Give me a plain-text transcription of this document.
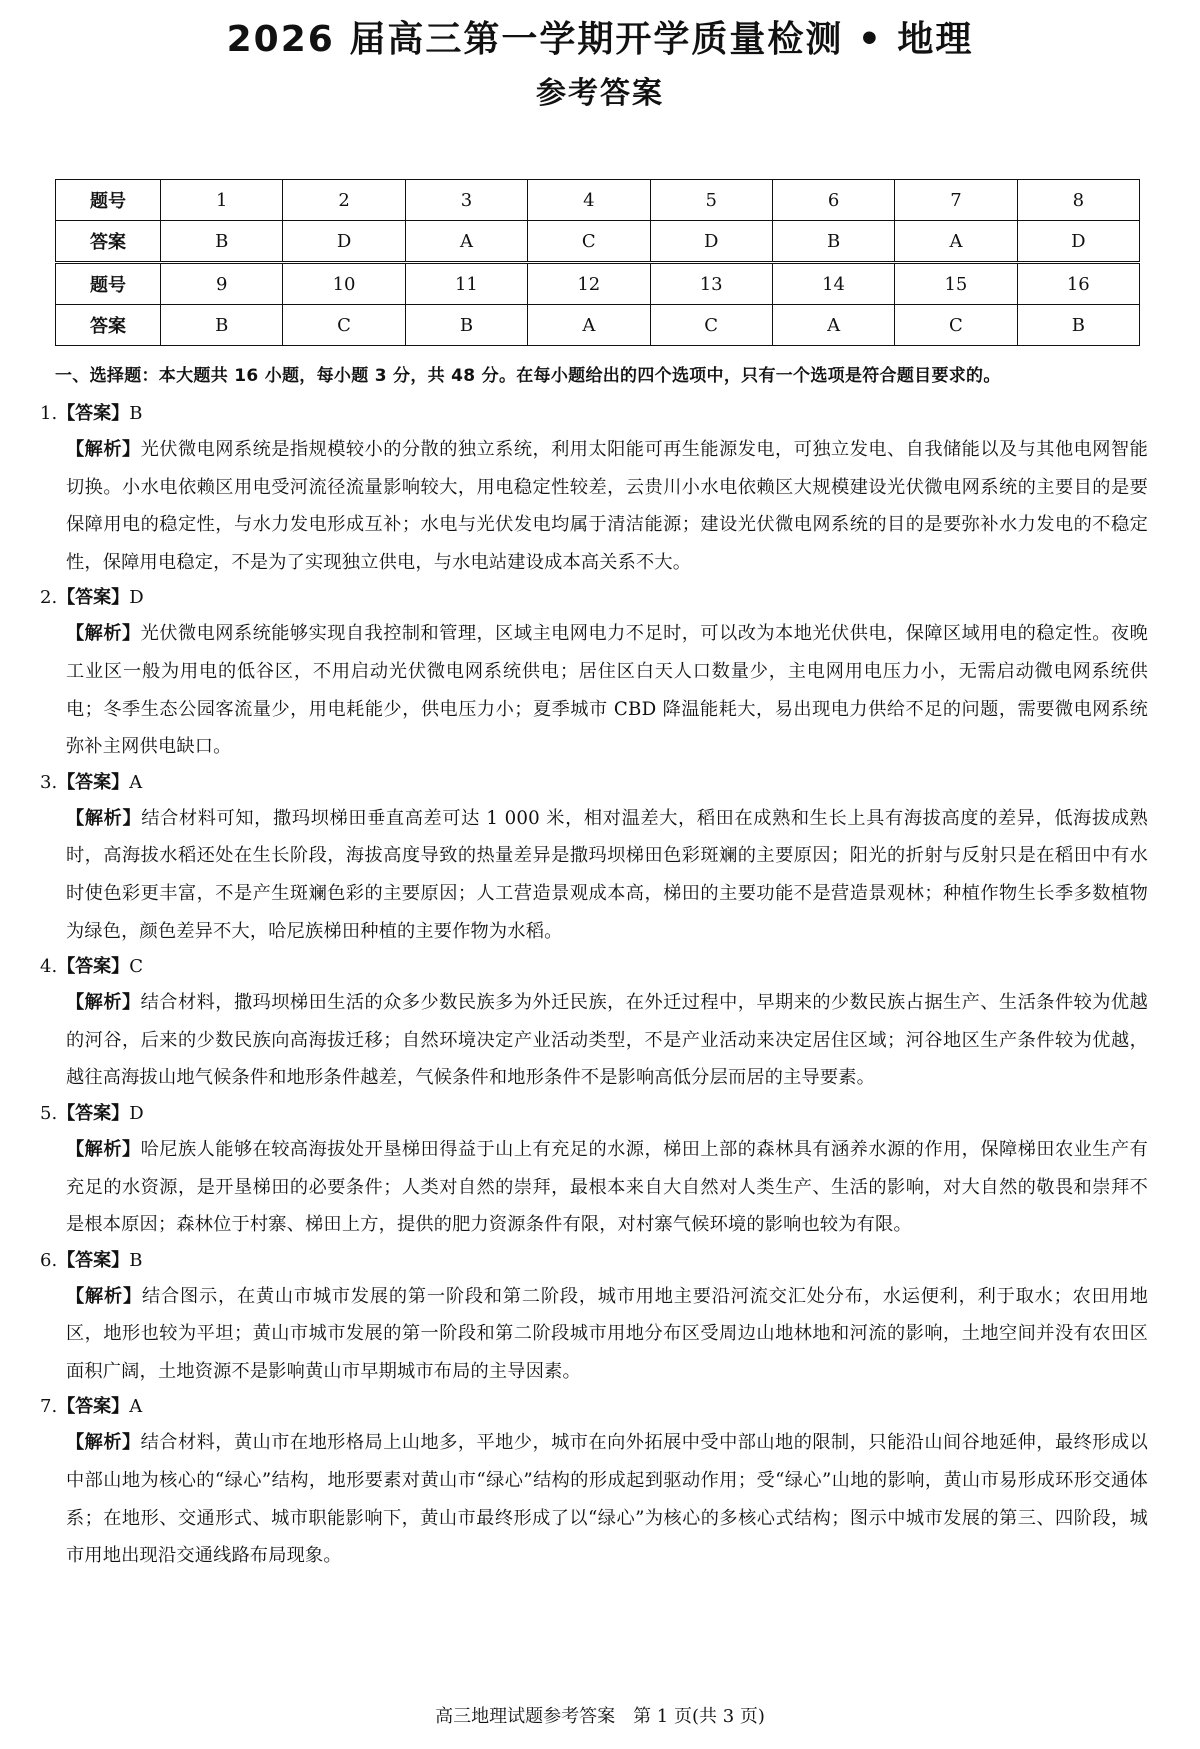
2026 届高三第一学期开学质量检测 • 地理
参考答案
题号	1	2	3	4	5	6	7	8
答案	B	D	A	C	D	B	A	D
题号	9	10	11	12	13	14	15	16
答案	B	C	B	A	C	A	C	B
一、选择题：本大题共 16 小题，每小题 3 分，共 48 分。在每小题给出的四个选项中，只有一个选项是符合题目要求的。
1.【答案】B

【解析】光伏微电网系统是指规模较小的分散的独立系统，利用太阳能可再生能源发电，可独立发电、自我储能以及与其他电网智能切换。小水电依赖区用电受河流径流量影响较大，用电稳定性较差，云贵川小水电依赖区大规模建设光伏微电网系统的主要目的是要保障用电的稳定性，与水力发电形成互补；水电与光伏发电均属于清洁能源；建设光伏微电网系统的目的是要弥补水力发电的不稳定性，保障用电稳定，不是为了实现独立供电，与水电站建设成本高关系不大。

2.【答案】D

【解析】光伏微电网系统能够实现自我控制和管理，区域主电网电力不足时，可以改为本地光伏供电，保障区域用电的稳定性。夜晚工业区一般为用电的低谷区，不用启动光伏微电网系统供电；居住区白天人口数量少，主电网用电压力小，无需启动微电网系统供电；冬季生态公园客流量少，用电耗能少，供电压力小；夏季城市 CBD 降温能耗大，易出现电力供给不足的问题，需要微电网系统弥补主网供电缺口。

3.【答案】A

【解析】结合材料可知，撒玛坝梯田垂直高差可达 1 000 米，相对温差大，稻田在成熟和生长上具有海拔高度的差异，低海拔成熟时，高海拔水稻还处在生长阶段，海拔高度导致的热量差异是撒玛坝梯田色彩斑斓的主要原因；阳光的折射与反射只是在稻田中有水时使色彩更丰富，不是产生斑斓色彩的主要原因；人工营造景观成本高，梯田的主要功能不是营造景观林；种植作物生长季多数植物为绿色，颜色差异不大，哈尼族梯田种植的主要作物为水稻。

4.【答案】C

【解析】结合材料，撒玛坝梯田生活的众多少数民族多为外迁民族，在外迁过程中，早期来的少数民族占据生产、生活条件较为优越的河谷，后来的少数民族向高海拔迁移；自然环境决定产业活动类型，不是产业活动来决定居住区域；河谷地区生产条件较为优越，越往高海拔山地气候条件和地形条件越差，气候条件和地形条件不是影响高低分层而居的主导要素。

5.【答案】D

【解析】哈尼族人能够在较高海拔处开垦梯田得益于山上有充足的水源，梯田上部的森林具有涵养水源的作用，保障梯田农业生产有充足的水资源，是开垦梯田的必要条件；人类对自然的崇拜，最根本来自大自然对人类生产、生活的影响，对大自然的敬畏和崇拜不是根本原因；森林位于村寨、梯田上方，提供的肥力资源条件有限，对村寨气候环境的影响也较为有限。

6.【答案】B

【解析】结合图示，在黄山市城市发展的第一阶段和第二阶段，城市用地主要沿河流交汇处分布，水运便利，利于取水；农田用地区，地形也较为平坦；黄山市城市发展的第一阶段和第二阶段城市用地分布区受周边山地林地和河流的影响，土地空间并没有农田区面积广阔，土地资源不是影响黄山市早期城市布局的主导因素。

7.【答案】A

【解析】结合材料，黄山市在地形格局上山地多，平地少，城市在向外拓展中受中部山地的限制，只能沿山间谷地延伸，最终形成以中部山地为核心的“绿心”结构，地形要素对黄山市“绿心”结构的形成起到驱动作用；受“绿心”山地的影响，黄山市易形成环形交通体系；在地形、交通形式、城市职能影响下，黄山市最终形成了以“绿心”为核心的多核心式结构；图示中城市发展的第三、四阶段，城市用地出现沿交通线路布局现象。

高三地理试题参考答案　第 1 页(共 3 页)
